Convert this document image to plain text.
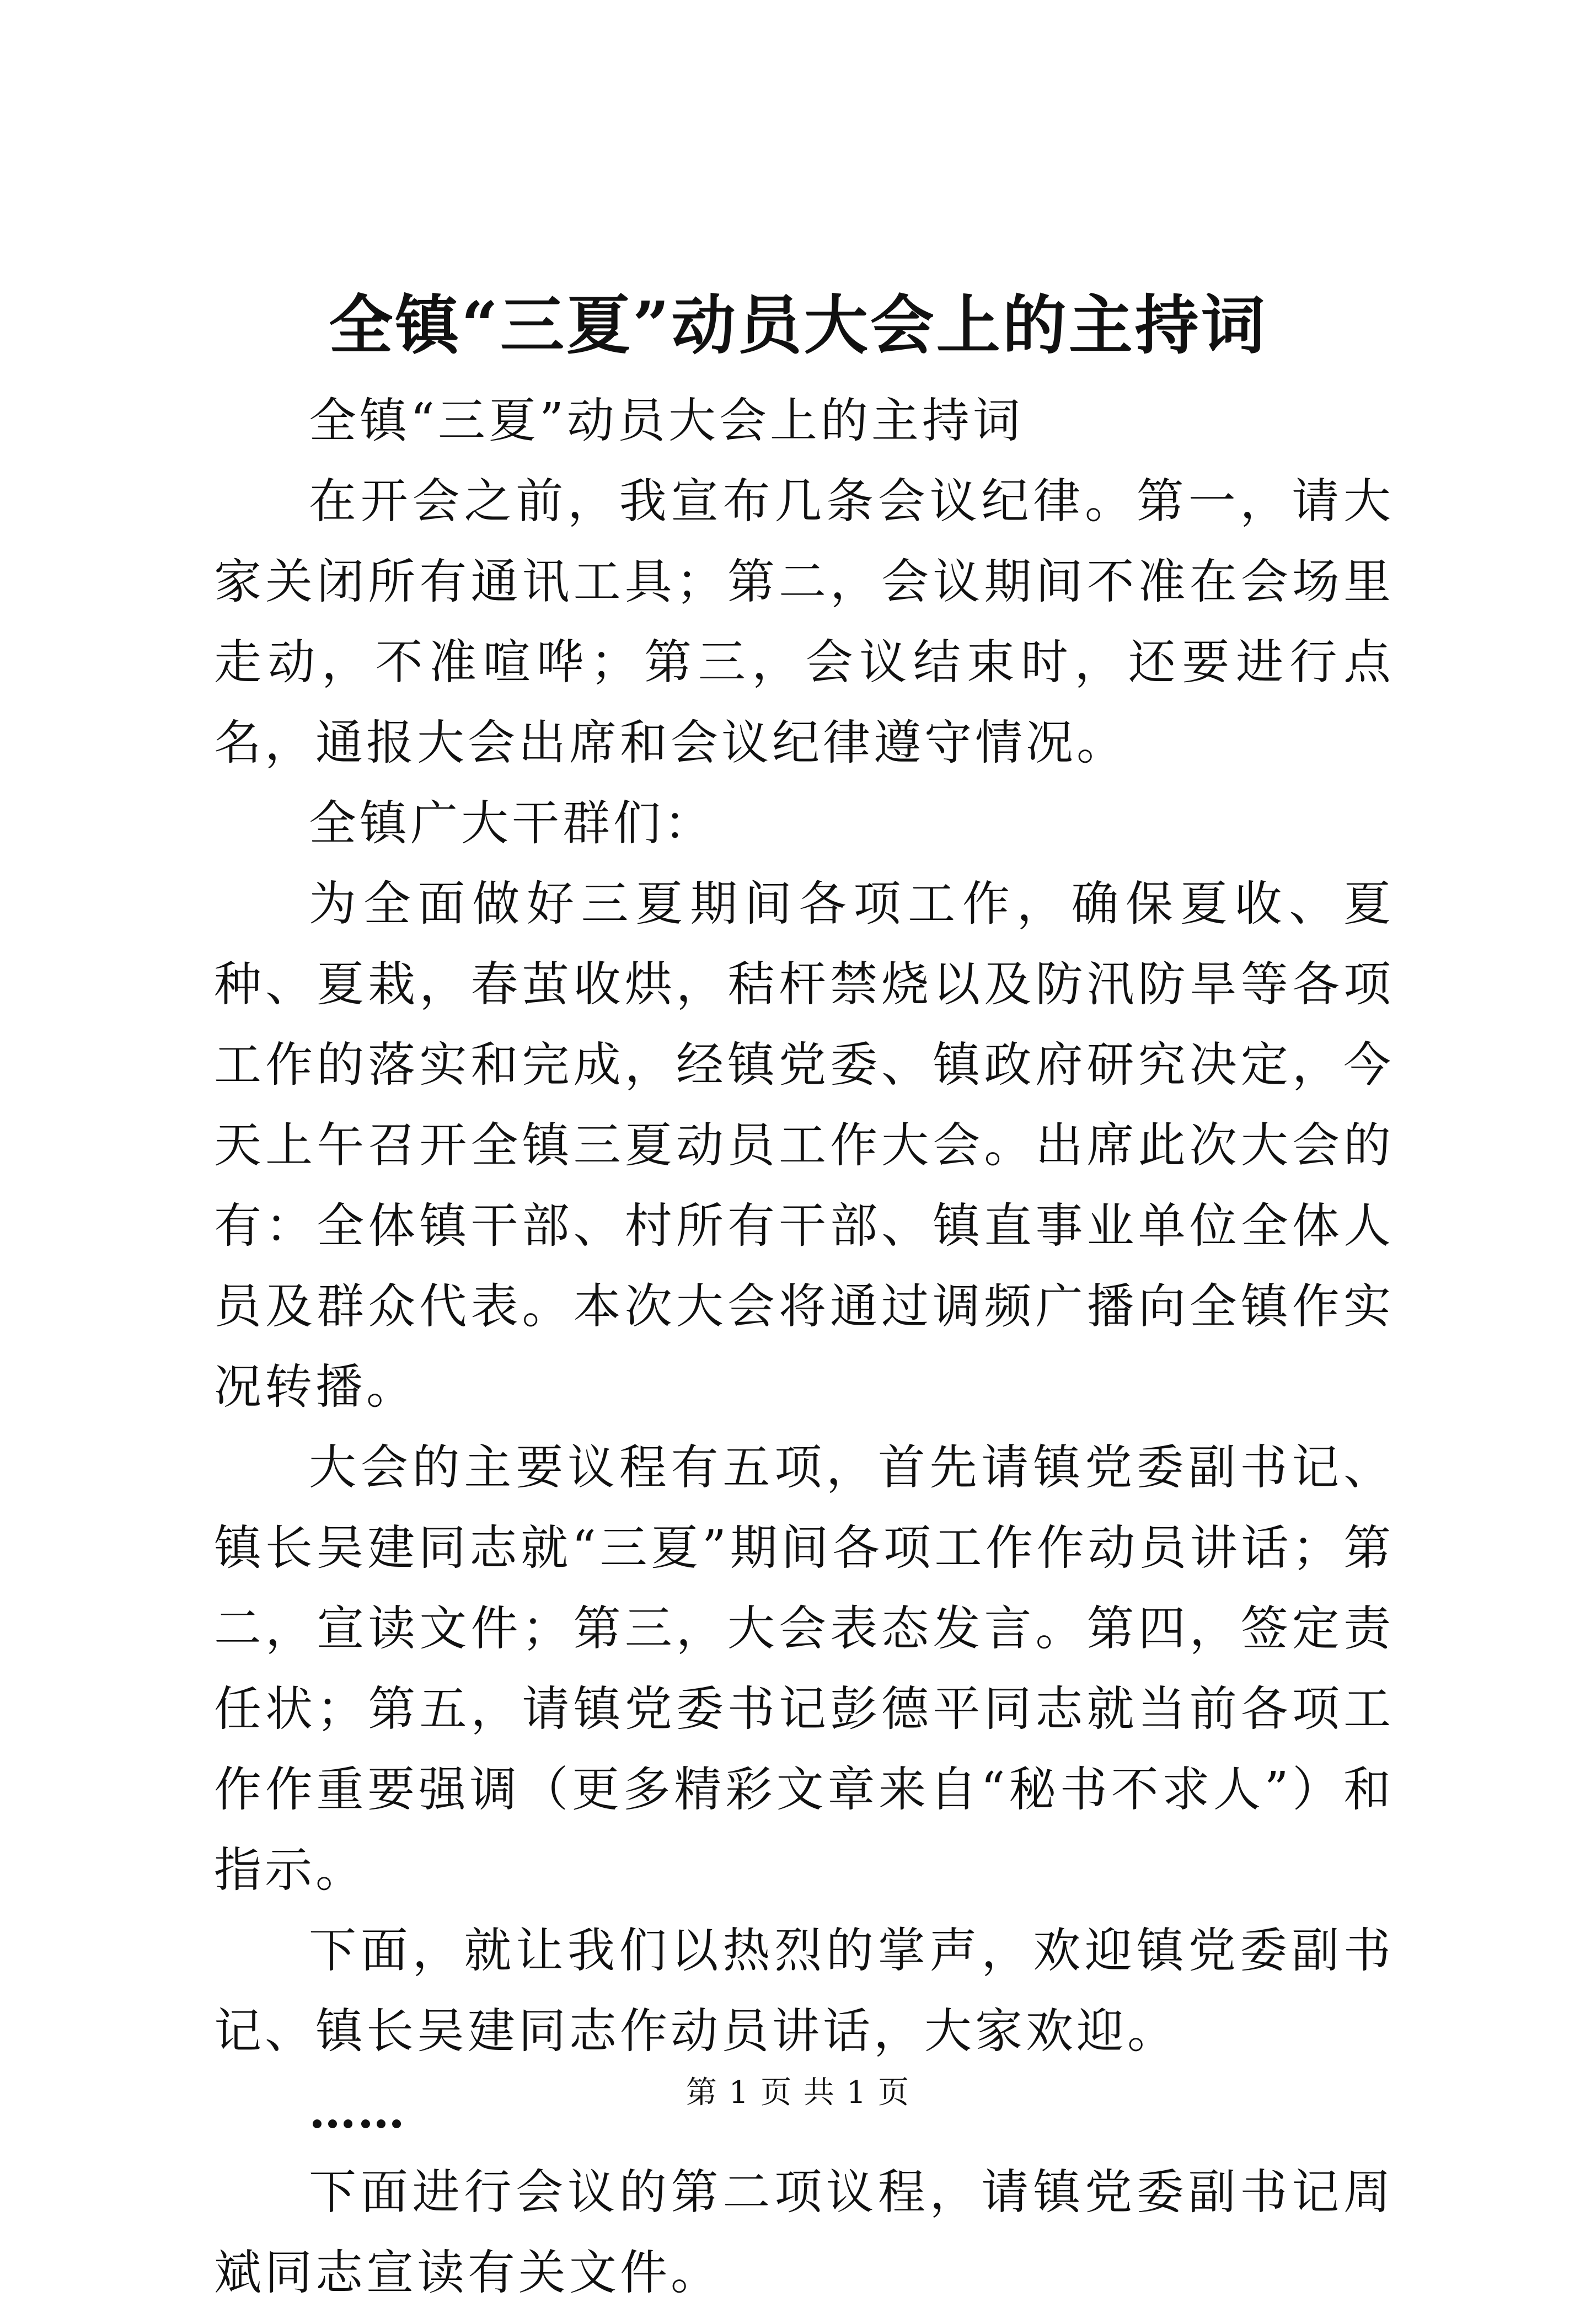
全镇“三夏”动员大会上的主持词

全镇“三夏”动员大会上的主持词

在开会之前，我宣布几条会议纪律。第一，请大家关闭所有通讯工具；第二，会议期间不准在会场里走动，不准喧哗；第三，会议结束时，还要进行点名，通报大会出席和会议纪律遵守情况。

全镇广大干群们：

为全面做好三夏期间各项工作，确保夏收、夏种、夏栽，春茧收烘，秸杆禁烧以及防汛防旱等各项工作的落实和完成，经镇党委、镇政府研究决定，今天上午召开全镇三夏动员工作大会。出席此次大会的有：全体镇干部、村所有干部、镇直事业单位全体人员及群众代表。本次大会将通过调频广播向全镇作实况转播。

大会的主要议程有五项，首先请镇党委副书记、镇长吴建同志就“三夏”期间各项工作作动员讲话；第二，宣读文件；第三，大会表态发言。第四，签定责任状；第五，请镇党委书记彭德平同志就当前各项工作作重要强调（更多精彩文章来自“秘书不求人”）和指示。

下面，就让我们以热烈的掌声，欢迎镇党委副书记、镇长吴建同志作动员讲话，大家欢迎。

……

下面进行会议的第二项议程，请镇党委副书记周斌同志宣读有关文件。

第 1 页 共 1 页
